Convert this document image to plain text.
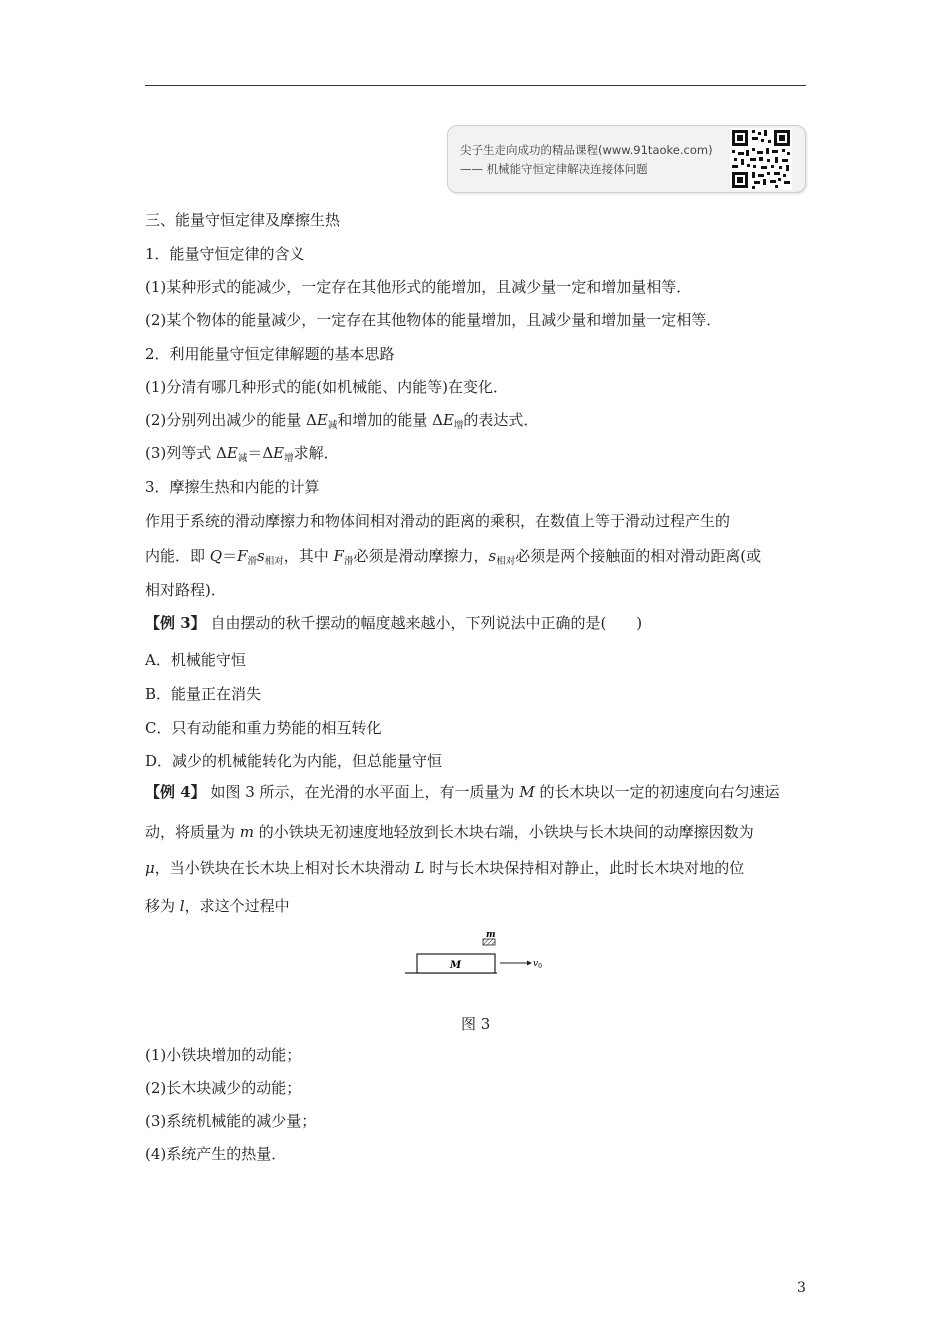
尖子生走向成功的精品课程(www.91taoke.com)
—— 机械能守恒定律解决连接体问题
三、能量守恒定律及摩擦生热
1．能量守恒定律的含义
(1)某种形式的能减少，一定存在其他形式的能增加，且减少量一定和增加量相等．
(2)某个物体的能量减少，一定存在其他物体的能量增加，且减少量和增加量一定相等．
2．利用能量守恒定律解题的基本思路
(1)分清有哪几种形式的能(如机械能、内能等)在变化．
(2)分别列出减少的能量 $\Delta E_减$和增加的能量 $\Delta E_增$的表达式．
(3)列等式 $\Delta E_减=\Delta E_增$求解．
3．摩擦生热和内能的计算
作用于系统的滑动摩擦力和物体间相对滑动的距离的乘积，在数值上等于滑动过程产生的
内能．即 $Q=F_滑s_{相对}$，其中 $F_滑$必须是滑动摩擦力，$s_{相对}$必须是两个接触面的相对滑动距离(或
相对路程)．
【例 3】 自由摆动的秋千摆动的幅度越来越小，下列说法中正确的是(　　)
A．机械能守恒
B．能量正在消失
C．只有动能和重力势能的相互转化
D．减少的机械能转化为内能，但总能量守恒
【例 4】 如图 3 所示，在光滑的水平面上，有一质量为 M 的长木块以一定的初速度向右匀速运
动，将质量为 m 的小铁块无初速度地轻放到长木块右端，小铁块与长木块间的动摩擦因数为
μ，当小铁块在长木块上相对长木块滑动 L 时与长木块保持相对静止，此时长木块对地的位
移为 l，求这个过程中
(1)小铁块增加的动能；
(2)长木块减少的动能；
(3)系统机械能的减少量；
(4)系统产生的热量．
M
m
$v_0$
图 3
3
